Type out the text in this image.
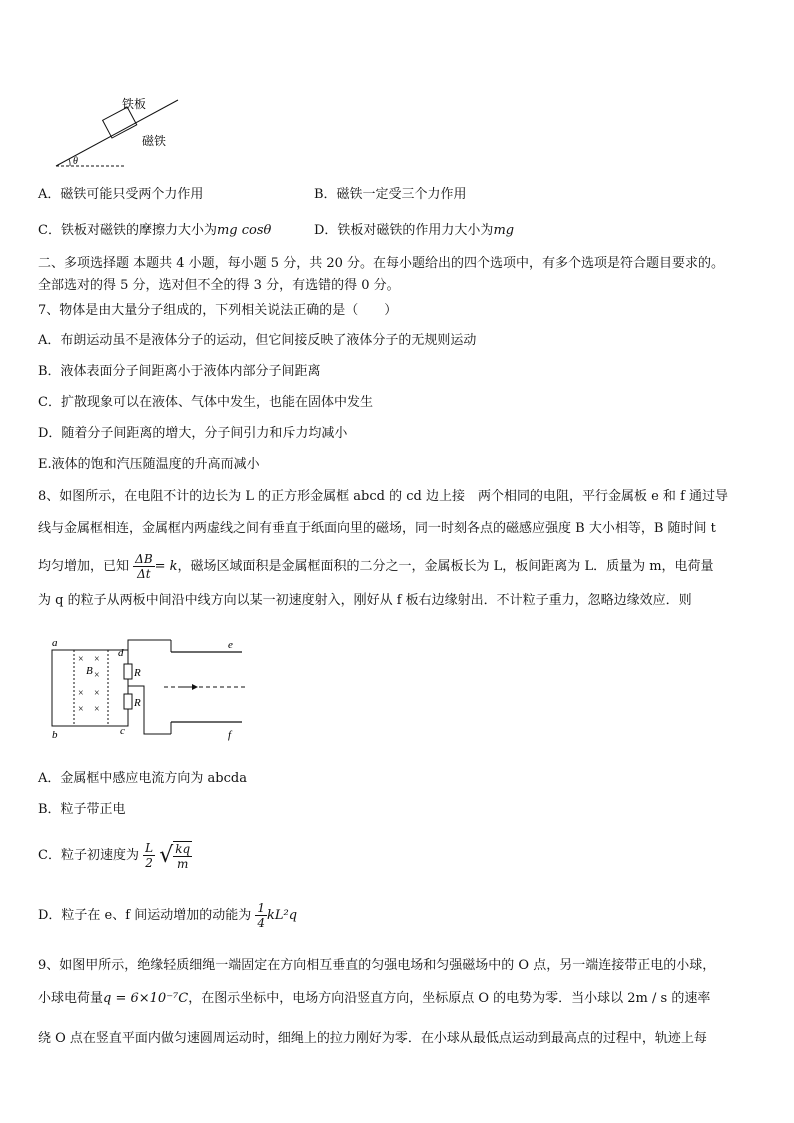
θ
铁板
磁铁
A．磁铁可能只受两个力作用	B．磁铁一定受三个力作用
C．铁板对磁铁的摩擦力大小为mg cosθ	D．铁板对磁铁的作用力大小为mg
二、多项选择题 本题共 4 小题，每小题 5 分，共 20 分。在每小题给出的四个选项中，有多个选项是符合题目要求的。
全部选对的得 5 分，选对但不全的得 3 分，有选错的得 0 分。
7、物体是由大量分子组成的，下列相关说法正确的是（　　）
A．布朗运动虽不是液体分子的运动，但它间接反映了液体分子的无规则运动
B．液体表面分子间距离小于液体内部分子间距离
C．扩散现象可以在液体、气体中发生，也能在固体中发生
D．随着分子间距离的增大，分子间引力和斥力均减小
E.液体的饱和汽压随温度的升高而减小
8、如图所示，在电阻不计的边长为 L 的正方形金属框 abcd 的 cd 边上接　两个相同的电阻，平行金属板 e 和 f 通过导
线与金属框相连，金属框内两虚线之间有垂直于纸面向里的磁场，同一时刻各点的磁感应强度 B 大小相等，B 随时间 t
均匀增加，已知 $\frac{\Delta B}{\Delta t} = k$，磁场区域面积是金属框面积的二分之一，金属板长为 L，板间距离为 L．质量为 m，电荷量
为 q 的粒子从两板中间沿中线方向以某一初速度射入，刚好从 f 板右边缘射出．不计粒子重力，忽略边缘效应．则
× ×
×
× ×
× ×
B
a
b	c
d
R
R
e
f
A．金属框中感应电流方向为 abcda
B．粒子带正电
C．粒子初速度为 $\frac{L}{2}$ √ $\frac{kq}{m}$
D．粒子在 e、f 间运动增加的动能为 $\frac{1}{4} kL^2q$
9、如图甲所示，绝缘轻质细绳一端固定在方向相互垂直的匀强电场和匀强磁场中的 O 点，另一端连接带正电的小球，
小球电荷量q = 6×10⁻⁷C，在图示坐标中，电场方向沿竖直方向，坐标原点 O 的电势为零．当小球以 2m / s 的速率
绕 O 点在竖直平面内做匀速圆周运动时，细绳上的拉力刚好为零．在小球从最低点运动到最高点的过程中，轨迹上每
